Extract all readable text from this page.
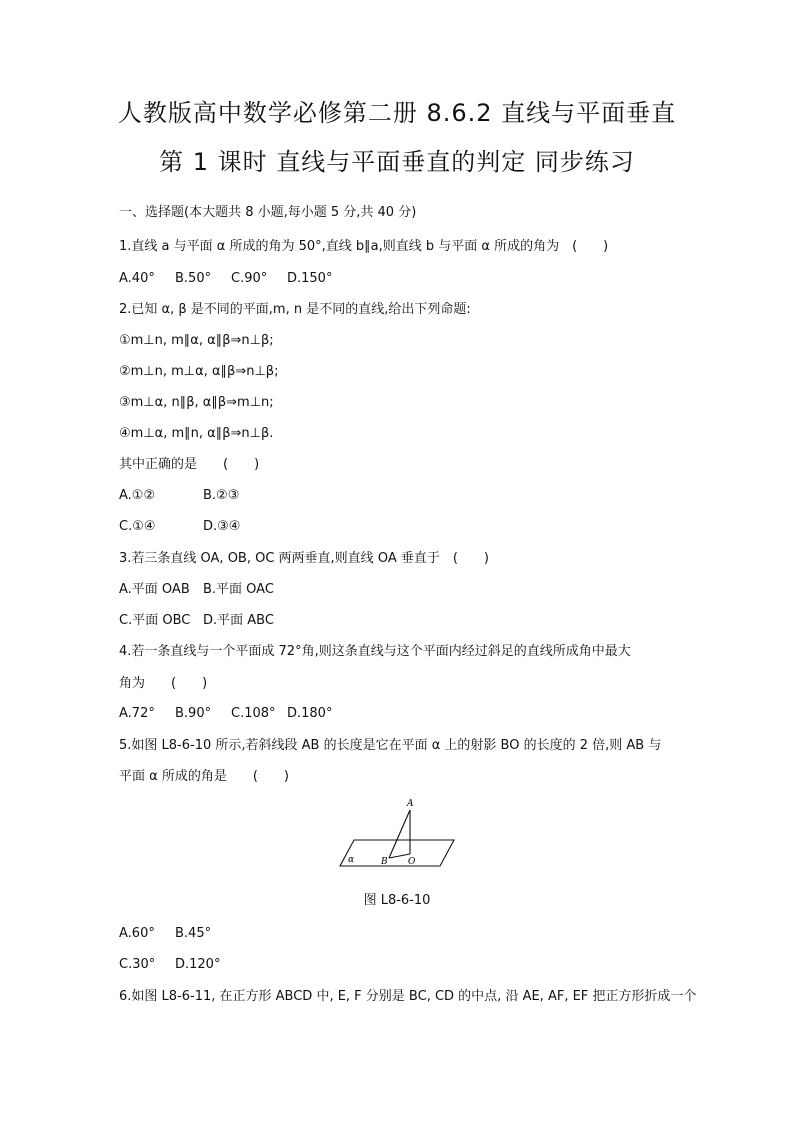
人教版高中数学必修第二册 8.6.2 直线与平面垂直
第 1 课时 直线与平面垂直的判定 同步练习
一、选择题(本大题共 8 小题,每小题 5 分,共 40 分)
1.直线 a 与平面 α 所成的角为 50°,直线 b∥a,则直线 b 与平面 α 所成的角为　(　　)
A.40° B.50° C.90° D.150°
2.已知 α, β 是不同的平面,m, n 是不同的直线,给出下列命题:
①m⊥n, m∥α, α∥β⇒n⊥β;
②m⊥n, m⊥α, α∥β⇒n⊥β;
③m⊥α, n∥β, α∥β⇒m⊥n;
④m⊥α, m∥n, α∥β⇒n⊥β.
其中正确的是　　(　　)
A.①②	B.②③
C.①④	D.③④
3.若三条直线 OA, OB, OC 两两垂直,则直线 OA 垂直于　(　　)
A.平面 OAB B.平面 OAC
C.平面 OBC D.平面 ABC
4.若一条直线与一个平面成 72°角,则这条直线与这个平面内经过斜足的直线所成角中最大
角为　　(　　)
A.72° B.90° C.108° D.180°
5.如图 L8-6-10 所示,若斜线段 AB 的长度是它在平面 α 上的射影 BO 的长度的 2 倍,则 AB 与
平面 α 所成的角是　　(　　)
A
B O
α
图 L8-6-10
A.60° B.45°
C.30° D.120°
6.如图 L8-6-11, 在正方形 ABCD 中, E, F 分别是 BC, CD 的中点, 沿 AE, AF, EF 把正方形折成一个
